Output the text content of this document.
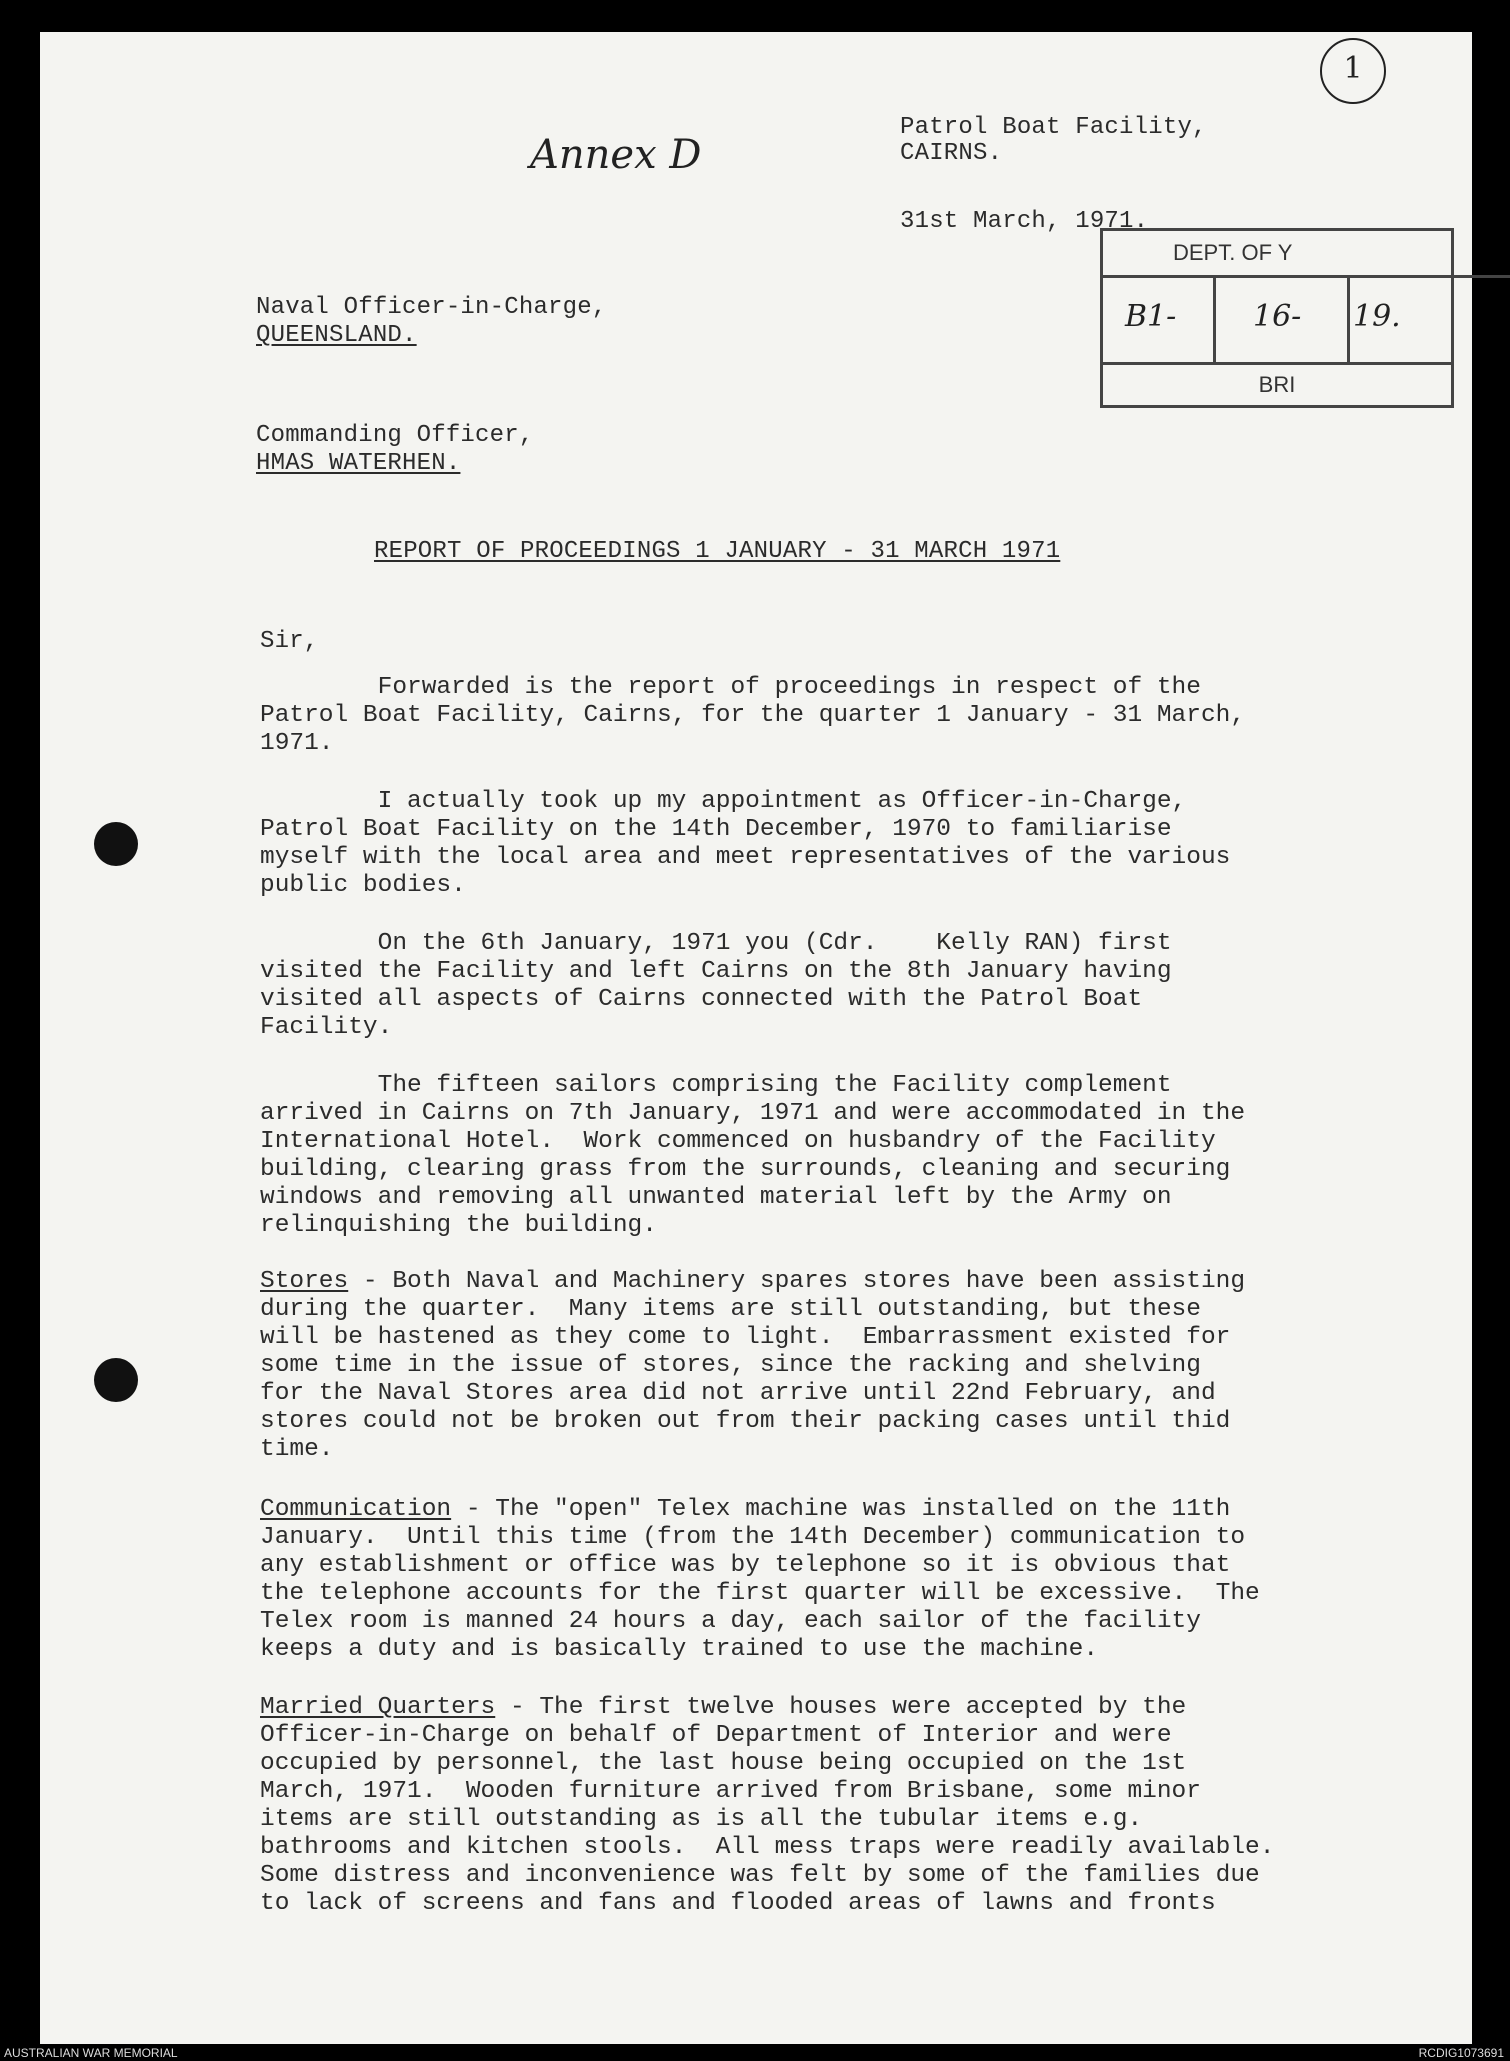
1
Annex D
Patrol Boat Facility,
CAIRNS.
31st March, 1971.
DEPT. OF Y
B1-	16- 19.
BRI
Naval Officer-in-Charge,
QUEENSLAND.
Commanding Officer,
HMAS WATERHEN.
REPORT OF PROCEEDINGS 1 JANUARY - 31 MARCH 1971
Sir,
Forwarded is the report of proceedings in respect of the
Patrol Boat Facility, Cairns, for the quarter 1 January - 31 March,
1971.
I actually took up my appointment as Officer-in-Charge,
Patrol Boat Facility on the 14th December, 1970 to familiarise
myself with the local area and meet representatives of the various
public bodies.
On the 6th January, 1971 you (Cdr.    Kelly RAN) first
visited the Facility and left Cairns on the 8th January having
visited all aspects of Cairns connected with the Patrol Boat
Facility.
The fifteen sailors comprising the Facility complement
arrived in Cairns on 7th January, 1971 and were accommodated in the
International Hotel.  Work commenced on husbandry of the Facility
building, clearing grass from the surrounds, cleaning and securing
windows and removing all unwanted material left by the Army on
relinquishing the building.
Stores - Both Naval and Machinery spares stores have been assisting
during the quarter.  Many items are still outstanding, but these
will be hastened as they come to light.  Embarrassment existed for
some time in the issue of stores, since the racking and shelving
for the Naval Stores area did not arrive until 22nd February, and
stores could not be broken out from their packing cases until thid
time.
Communication - The "open" Telex machine was installed on the 11th
January.  Until this time (from the 14th December) communication to
any establishment or office was by telephone so it is obvious that
the telephone accounts for the first quarter will be excessive.  The
Telex room is manned 24 hours a day, each sailor of the facility
keeps a duty and is basically trained to use the machine.
Married Quarters - The first twelve houses were accepted by the
Officer-in-Charge on behalf of Department of Interior and were
occupied by personnel, the last house being occupied on the 1st
March, 1971.  Wooden furniture arrived from Brisbane, some minor
items are still outstanding as is all the tubular items e.g.
bathrooms and kitchen stools.  All mess traps were readily available.
Some distress and inconvenience was felt by some of the families due
to lack of screens and fans and flooded areas of lawns and fronts
AUSTRALIAN WAR MEMORIAL	RCDIG1073691
